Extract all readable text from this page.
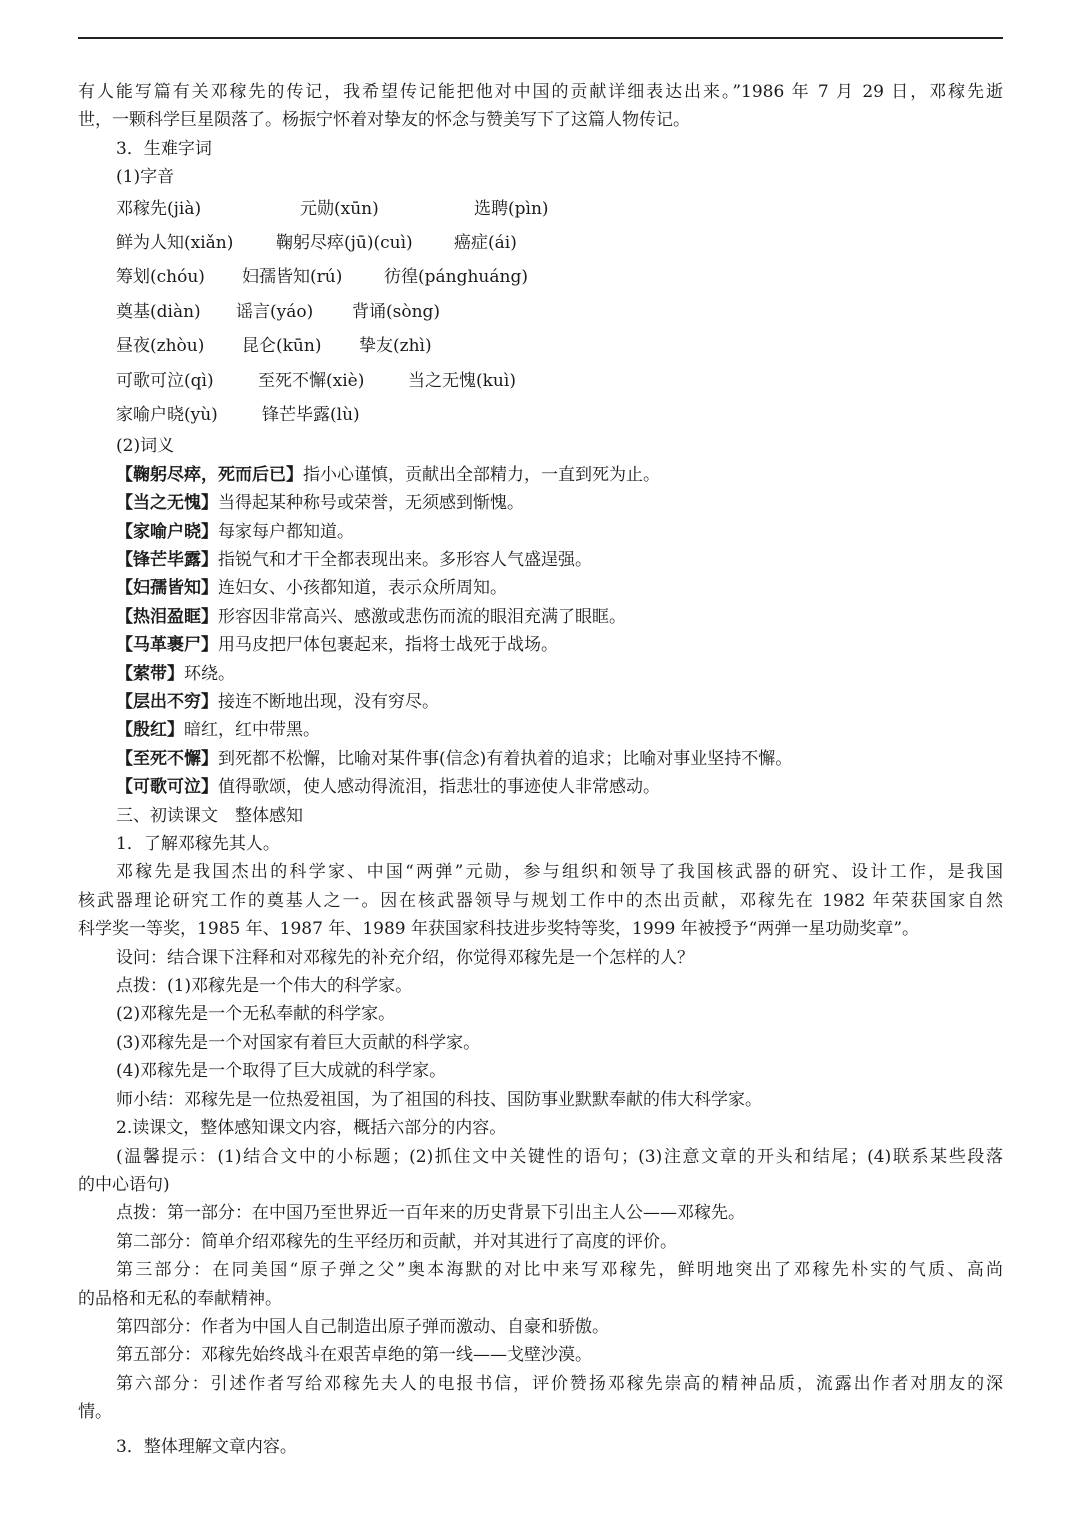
有人能写篇有关邓稼先的传记，我希望传记能把他对中国的贡献详细表达出来。”1986 年 7 月 29 日，邓稼先逝
世，一颗科学巨星陨落了。杨振宁怀着对挚友的怀念与赞美写下了这篇人物传记。
3．生难字词
(1)字音
邓稼先(jià)	元勋(xūn)	选聘(pìn)
鲜为人知(xiǎn)	鞠躬尽瘁(jū)(cuì) 癌症(ái)
筹划(chóu) 妇孺皆知(rú) 彷徨(pánghuáng)
奠基(diàn) 谣言(yáo) 背诵(sòng)
昼夜(zhòu) 昆仑(kūn) 挚友(zhì)
可歌可泣(qì)	至死不懈(xiè)	当之无愧(kuì)
家喻户晓(yù)	锋芒毕露(lù)
(2)词义
【鞠躬尽瘁，死而后已】指小心谨慎，贡献出全部精力，一直到死为止。
【当之无愧】当得起某种称号或荣誉，无须感到惭愧。
【家喻户晓】每家每户都知道。
【锋芒毕露】指锐气和才干全都表现出来。多形容人气盛逞强。
【妇孺皆知】连妇女、小孩都知道，表示众所周知。
【热泪盈眶】形容因非常高兴、感激或悲伤而流的眼泪充满了眼眶。
【马革裹尸】用马皮把尸体包裹起来，指将士战死于战场。
【萦带】环绕。
【层出不穷】接连不断地出现，没有穷尽。
【殷红】暗红，红中带黑。
【至死不懈】到死都不松懈，比喻对某件事(信念)有着执着的追求；比喻对事业坚持不懈。
【可歌可泣】值得歌颂，使人感动得流泪，指悲壮的事迹使人非常感动。
三、初读课文　整体感知
1．了解邓稼先其人。
邓稼先是我国杰出的科学家、中国“两弹”元勋，参与组织和领导了我国核武器的研究、设计工作，是我国
核武器理论研究工作的奠基人之一。因在核武器领导与规划工作中的杰出贡献，邓稼先在 1982 年荣获国家自然
科学奖一等奖，1985 年、1987 年、1989 年获国家科技进步奖特等奖，1999 年被授予“两弹一星功勋奖章”。
设问：结合课下注释和对邓稼先的补充介绍，你觉得邓稼先是一个怎样的人？
点拨：(1)邓稼先是一个伟大的科学家。
(2)邓稼先是一个无私奉献的科学家。
(3)邓稼先是一个对国家有着巨大贡献的科学家。
(4)邓稼先是一个取得了巨大成就的科学家。
师小结：邓稼先是一位热爱祖国，为了祖国的科技、国防事业默默奉献的伟大科学家。
2.读课文，整体感知课文内容，概括六部分的内容。
(温馨提示：(1)结合文中的小标题；(2)抓住文中关键性的语句；(3)注意文章的开头和结尾；(4)联系某些段落
的中心语句)
点拨：第一部分：在中国乃至世界近一百年来的历史背景下引出主人公——邓稼先。
第二部分：简单介绍邓稼先的生平经历和贡献，并对其进行了高度的评价。
第三部分：在同美国“原子弹之父”奥本海默的对比中来写邓稼先，鲜明地突出了邓稼先朴实的气质、高尚
的品格和无私的奉献精神。
第四部分：作者为中国人自己制造出原子弹而激动、自豪和骄傲。
第五部分：邓稼先始终战斗在艰苦卓绝的第一线——戈壁沙漠。
第六部分：引述作者写给邓稼先夫人的电报书信，评价赞扬邓稼先崇高的精神品质，流露出作者对朋友的深
情。
3．整体理解文章内容。
